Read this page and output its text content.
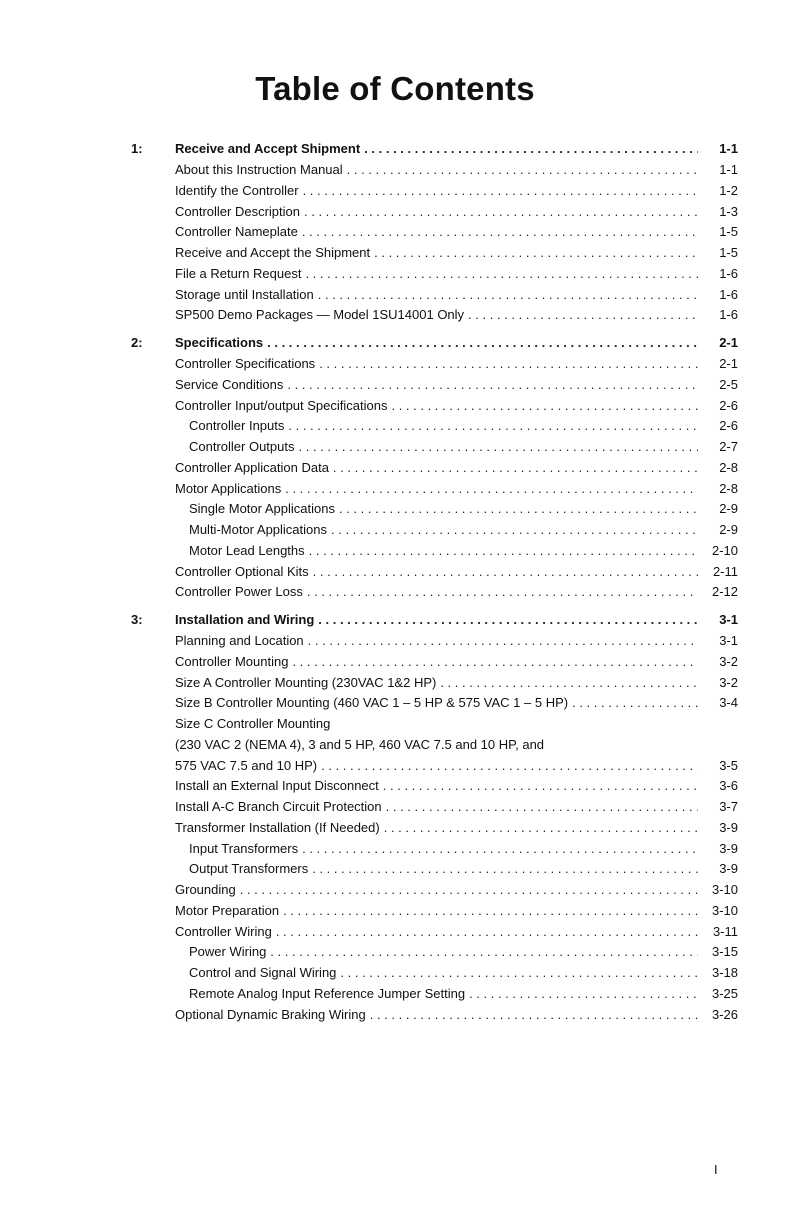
Table of Contents
1:	Receive and Accept Shipment . . .	1-1
About this Instruction Manual . . .	1-1
Identify the Controller . . .	1-2
Controller Description . . .	1-3
Controller Nameplate . . .	1-5
Receive and Accept the Shipment . . .	1-5
File a Return Request . . .	1-6
Storage until Installation . . .	1-6
SP500 Demo Packages — Model 1SU14001 Only . . .	1-6
2:	Specifications . . .	2-1
Controller Specifications . . .	2-1
Service Conditions . . .	2-5
Controller Input/output Specifications . . .	2-6
Controller Inputs . . .	2-6
Controller Outputs . . .	2-7
Controller Application Data . . .	2-8
Motor Applications . . .	2-8
Single Motor Applications . . .	2-9
Multi-Motor Applications . . .	2-9
Motor Lead Lengths . . .	2-10
Controller Optional Kits . . .	2-11
Controller Power Loss . . .	2-12
3:	Installation and Wiring . . .	3-1
Planning and Location . . .	3-1
Controller Mounting . . .	3-2
Size A Controller Mounting (230VAC 1&2 HP) . . .	3-2
Size B Controller Mounting (460 VAC 1 – 5 HP & 575 VAC 1 – 5 HP) . . .	3-4
Size C Controller Mounting
(230 VAC 2 (NEMA 4), 3 and 5 HP, 460 VAC 7.5 and 10 HP, and
575 VAC 7.5 and 10 HP) . . .	3-5
Install an External Input Disconnect . . .	3-6
Install A-C Branch Circuit Protection . . .	3-7
Transformer Installation (If Needed) . . .	3-9
Input Transformers . . .	3-9
Output Transformers . . .	3-9
Grounding . . .	3-10
Motor Preparation . . .	3-10
Controller Wiring . . .	3-11
Power Wiring . . .	3-15
Control and Signal Wiring . . .	3-18
Remote Analog Input Reference Jumper Setting . . .	3-25
Optional Dynamic Braking Wiring . . .	3-26
I
